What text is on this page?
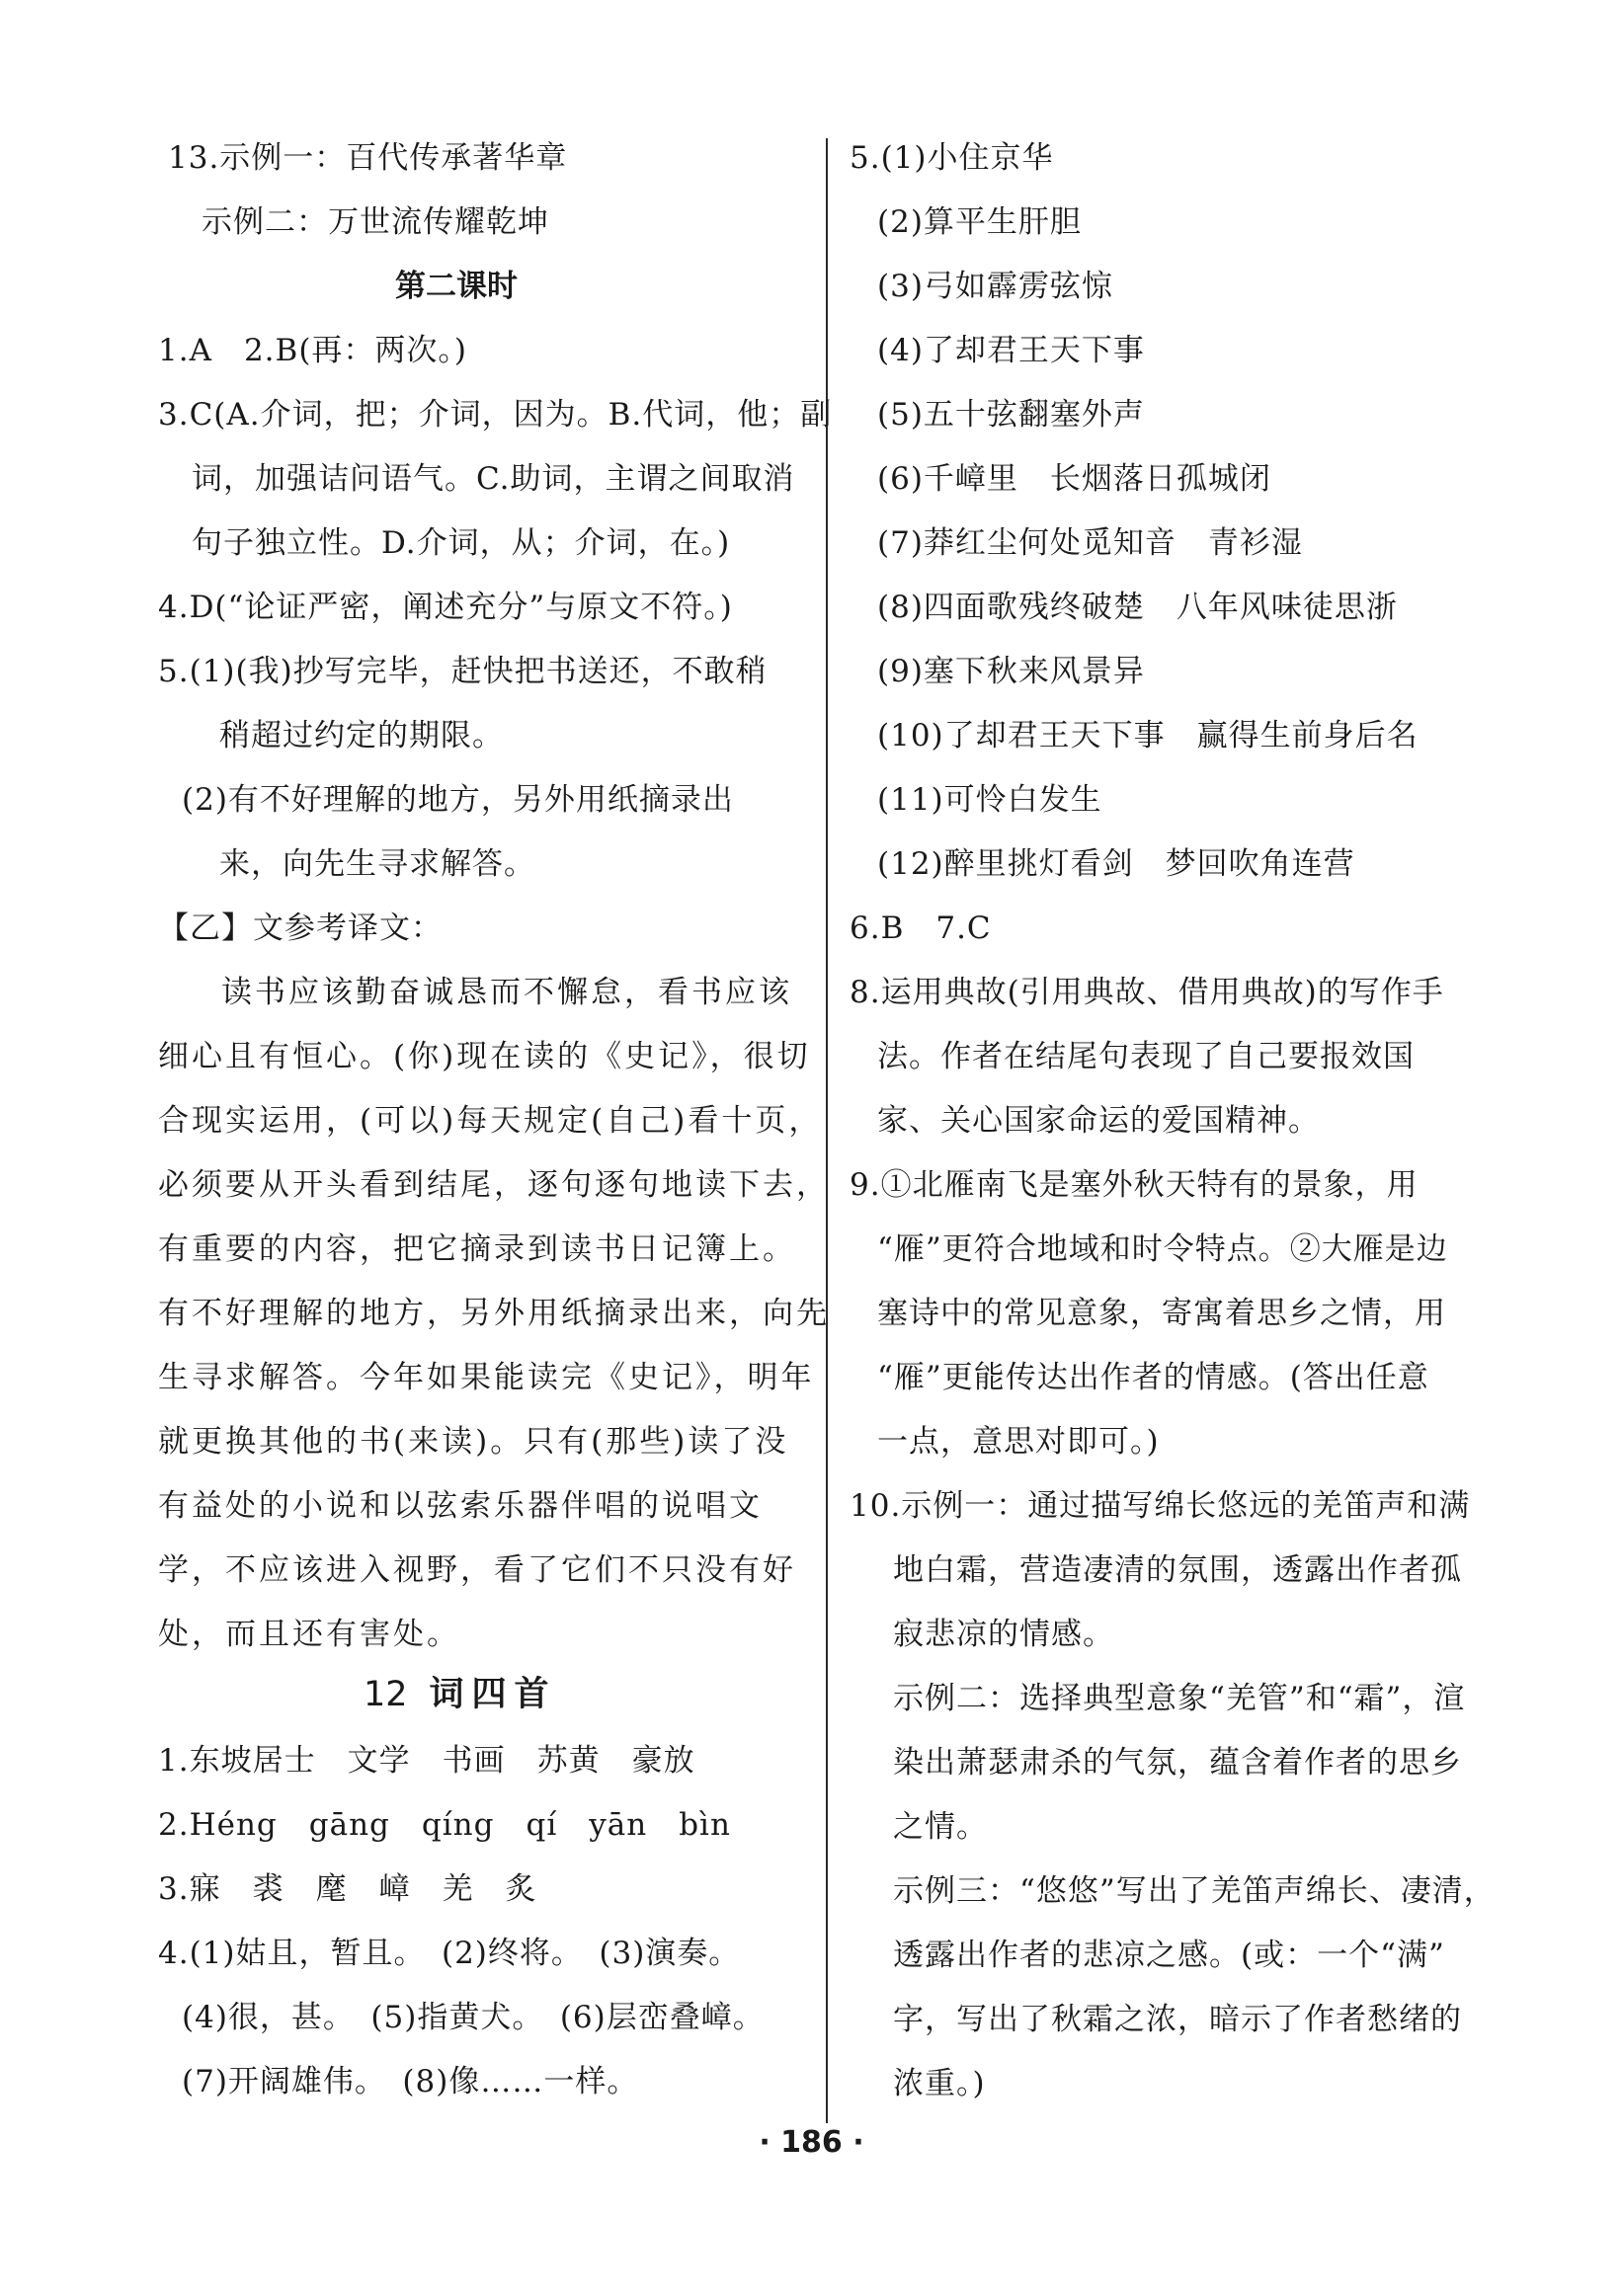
13.示例一：百代传承著华章
示例二：万世流传耀乾坤
第二课时
1.A　2.B(再：两次。)
3.C(A.介词，把；介词，因为。B.代词，他；副
词，加强诘问语气。C.助词，主谓之间取消
句子独立性。D.介词，从；介词，在。)
4.D(“论证严密，阐述充分”与原文不符。)
5.(1)(我)抄写完毕，赶快把书送还，不敢稍
稍超过约定的期限。
(2)有不好理解的地方，另外用纸摘录出
来，向先生寻求解答。
【乙】文参考译文：
读书应该勤奋诚恳而不懈怠，看书应该
细心且有恒心。(你)现在读的《史记》，很切
合现实运用，(可以)每天规定(自己)看十页，
必须要从开头看到结尾，逐句逐句地读下去，
有重要的内容，把它摘录到读书日记簿上。
有不好理解的地方，另外用纸摘录出来，向先
生寻求解答。今年如果能读完《史记》，明年
就更换其他的书(来读)。只有(那些)读了没
有益处的小说和以弦索乐器伴唱的说唱文
学，不应该进入视野，看了它们不只没有好
处，而且还有害处。
12 词四首
1.东坡居士　文学　书画　苏黄　豪放
2.Héng　gāng　qíng　qí　yān　bìn
3.寐　裘　麾　嶂　羌　炙
4.(1)姑且，暂且。　(2)终将。　(3)演奏。
(4)很，甚。　(5)指黄犬。　(6)层峦叠嶂。
(7)开阔雄伟。　(8)像……一样。
5.(1)小住京华
(2)算平生肝胆
(3)弓如霹雳弦惊
(4)了却君王天下事
(5)五十弦翻塞外声
(6)千嶂里　长烟落日孤城闭
(7)莽红尘何处觅知音　青衫湿
(8)四面歌残终破楚　八年风味徒思浙
(9)塞下秋来风景异
(10)了却君王天下事　赢得生前身后名
(11)可怜白发生
(12)醉里挑灯看剑　梦回吹角连营
6.B　7.C
8.运用典故(引用典故、借用典故)的写作手
法。作者在结尾句表现了自己要报效国
家、关心国家命运的爱国精神。
9.①北雁南飞是塞外秋天特有的景象，用
“雁”更符合地域和时令特点。②大雁是边
塞诗中的常见意象，寄寓着思乡之情，用
“雁”更能传达出作者的情感。(答出任意
一点，意思对即可。)
10.示例一：通过描写绵长悠远的羌笛声和满
地白霜，营造凄清的氛围，透露出作者孤
寂悲凉的情感。
示例二：选择典型意象“羌管”和“霜”，渲
染出萧瑟肃杀的气氛，蕴含着作者的思乡
之情。
示例三：“悠悠”写出了羌笛声绵长、凄清，
透露出作者的悲凉之感。(或：一个“满”
字，写出了秋霜之浓，暗示了作者愁绪的
浓重。)
· 186 ·
